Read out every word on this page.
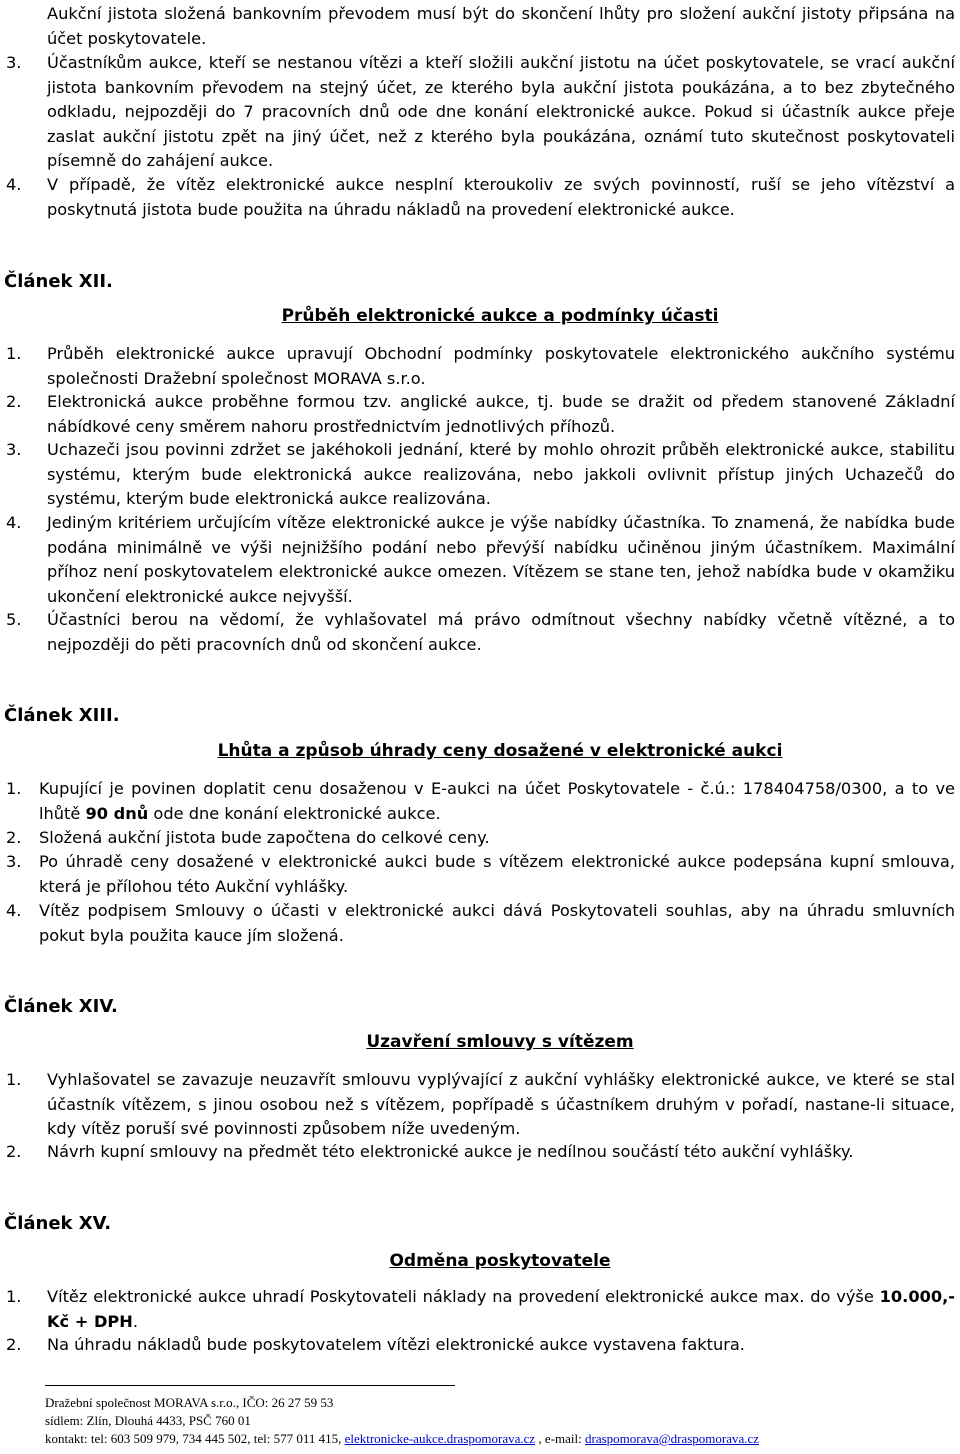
Aukční jistota složená bankovním převodem musí být do skončení lhůty pro složení aukční jistoty připsána na účet poskytovatele.

3. Účastníkům aukce, kteří se nestanou vítězi a kteří složili aukční jistotu na účet poskytovatele, se vrací aukční jistota bankovním převodem na stejný účet, ze kterého byla aukční jistota poukázána, a to bez zbytečného odkladu, nejpozději do 7 pracovních dnů ode dne konání elektronické aukce. Pokud si účastník aukce přeje zaslat aukční jistotu zpět na jiný účet, než z kterého byla poukázána, oznámí tuto skutečnost poskytovateli písemně do zahájení aukce.
4. V případě, že vítěz elektronické aukce nesplní kteroukoliv ze svých povinností, ruší se jeho vítězství a poskytnutá jistota bude použita na úhradu nákladů na provedení elektronické aukce.
Článek XII.
Průběh elektronické aukce a podmínky účasti
1. Průběh elektronické aukce upravují Obchodní podmínky poskytovatele elektronického aukčního systému společnosti Dražební společnost MORAVA s.r.o.
2. Elektronická aukce proběhne formou tzv. anglické aukce, tj. bude se dražit od předem stanovené Základní nábídkové ceny směrem nahoru prostřednictvím jednotlivých příhozů.
3. Uchazeči jsou povinni zdržet se jakéhokoli jednání, které by mohlo ohrozit průběh elektronické aukce, stabilitu systému, kterým bude elektronická aukce realizována, nebo jakkoli ovlivnit přístup jiných Uchazečů do systému, kterým bude elektronická aukce realizována.
4. Jediným kritériem určujícím vítěze elektronické aukce je výše nabídky účastníka. To znamená, že nabídka bude podána minimálně ve výši nejnižšího podání nebo převýší nabídku učiněnou jiným účastníkem. Maximální příhoz není poskytovatelem elektronické aukce omezen. Vítězem se stane ten, jehož nabídka bude v okamžiku ukončení elektronické aukce nejvyšší.
5. Účastníci berou na vědomí, že vyhlašovatel má právo odmítnout všechny nabídky včetně vítězné, a to nejpozději do pěti pracovních dnů od skončení aukce.
Článek XIII.
Lhůta a způsob úhrady ceny dosažené v elektronické aukci
1. Kupující je povinen doplatit cenu dosaženou v E-aukci na účet Poskytovatele - č.ú.: 178404758/0300, a to ve lhůtě 90 dnů ode dne konání elektronické aukce.
2. Složená aukční jistota bude započtena do celkové ceny.
3. Po úhradě ceny dosažené v elektronické aukci bude s vítězem elektronické aukce podepsána kupní smlouva, která je přílohou této Aukční vyhlášky.
4. Vítěz podpisem Smlouvy o účasti v elektronické aukci dává Poskytovateli souhlas, aby na úhradu smluvních pokut byla použita kauce jím složená.
Článek XIV.
Uzavření smlouvy s vítězem
1. Vyhlašovatel se zavazuje neuzavřít smlouvu vyplývající z aukční vyhlášky elektronické aukce, ve které se stal účastník vítězem, s jinou osobou než s vítězem, popřípadě s účastníkem druhým v pořadí, nastane-li situace, kdy vítěz poruší své povinnosti způsobem níže uvedeným.
2. Návrh kupní smlouvy na předmět této elektronické aukce je nedílnou součástí této aukční vyhlášky.
Článek XV.
Odměna poskytovatele
1. Vítěz elektronické aukce uhradí Poskytovateli náklady na provedení elektronické aukce max. do výše 10.000,- Kč + DPH.
2. Na úhradu nákladů bude poskytovatelem vítězi elektronické aukce vystavena faktura.
Dražební společnost MORAVA s.r.o., IČO: 26 27 59 53
sídlem: Zlín, Dlouhá 4433, PSČ 760 01
kontakt: tel: 603 509 979, 734 445 502, tel: 577 011 415, elektronicke-aukce.draspomorava.cz , e-mail: draspomorava@draspomorava.cz
